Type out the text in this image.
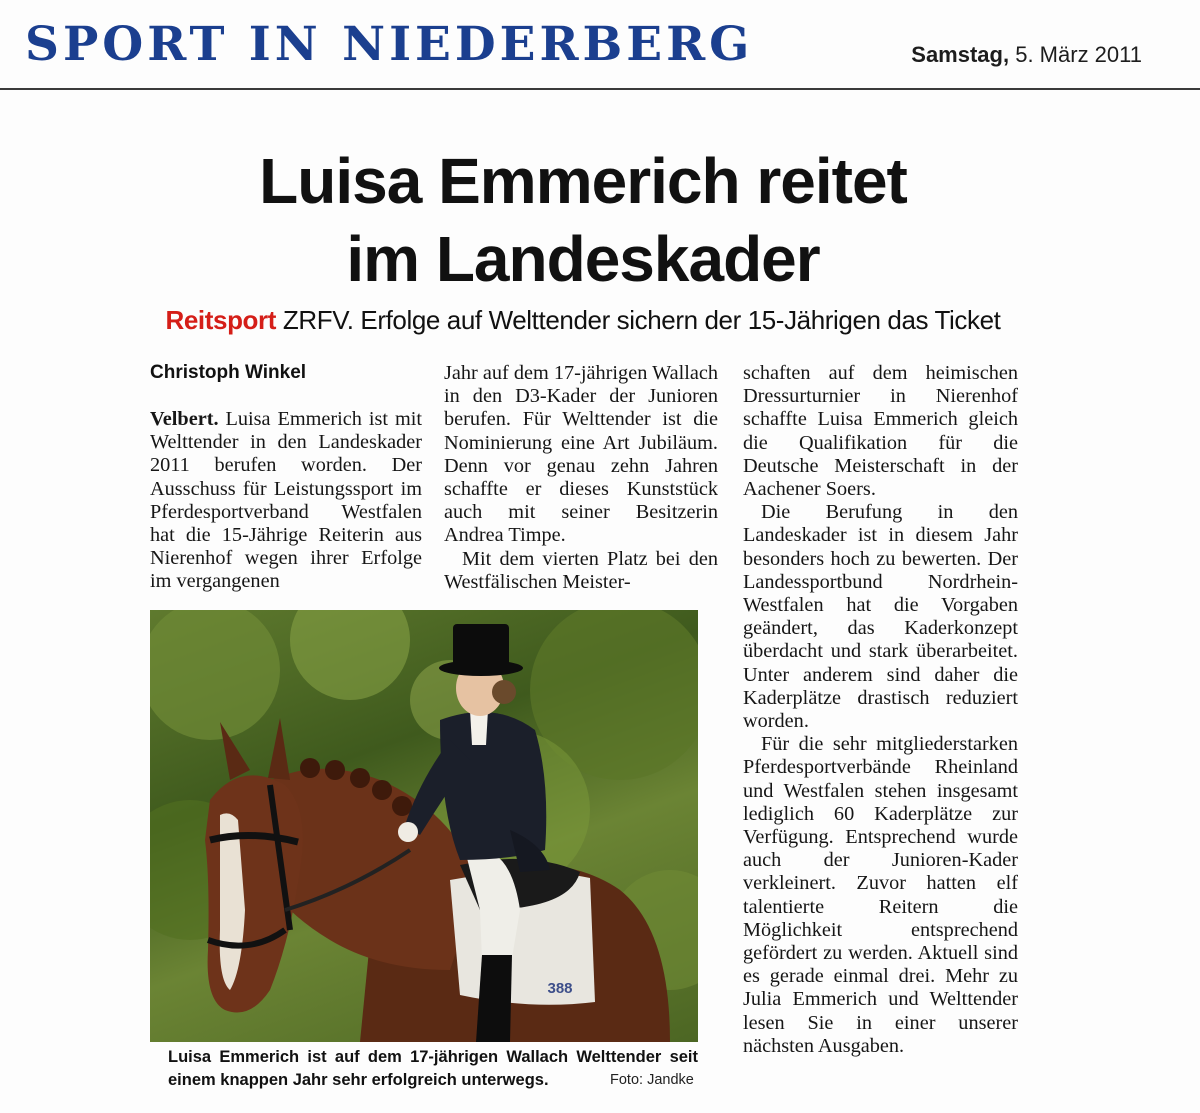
SPORT IN NIEDERBERG	Samstag, 5. März 2011
Luisa Emmerich reitet
im Landeskader
Reitsport ZRFV. Erfolge auf Welttender sichern der 15-Jährigen das Ticket
Christoph Winkel

Velbert. Luisa Emmerich ist mit Welttender in den Landeskader 2011 berufen worden. Der Ausschuss für Leistungssport im Pferdesportverband Westfalen hat die 15-Jährige Reiterin aus Nierenhof wegen ihrer Erfolge im vergangenen

Jahr auf dem 17-jährigen Wallach in den D3-Kader der Junioren berufen. Für Welttender ist die Nominierung eine Art Jubiläum. Denn vor genau zehn Jahren schaffte er dieses Kunststück auch mit seiner Besitzerin Andrea Timpe.

Mit dem vierten Platz bei den Westfälischen Meister-

schaften auf dem heimischen Dressurturnier in Nierenhof schaffte Luisa Emmerich gleich die Qualifikation für die Deutsche Meisterschaft in der Aachener Soers.

Die Berufung in den Landeskader ist in diesem Jahr besonders hoch zu bewerten. Der Landessportbund Nordrhein-Westfalen hat die Vorgaben geändert, das Kaderkonzept überdacht und stark überarbeitet. Unter anderem sind daher die Kaderplätze drastisch reduziert worden.

Für die sehr mitgliederstarken Pferdesportverbände Rheinland und Westfalen stehen insgesamt lediglich 60 Kaderplätze zur Verfügung. Entsprechend wurde auch der Junioren-Kader verkleinert. Zuvor hatten elf talentierte Reitern die Möglichkeit entsprechend gefördert zu werden. Aktuell sind es gerade einmal drei. Mehr zu Julia Emmerich und Welttender lesen Sie in einer unserer nächsten Ausgaben.

388
Luisa Emmerich ist auf dem 17-jährigen Wallach Welttender seit
einem knappen Jahr sehr erfolgreich unterwegs.	Foto: Jandke
